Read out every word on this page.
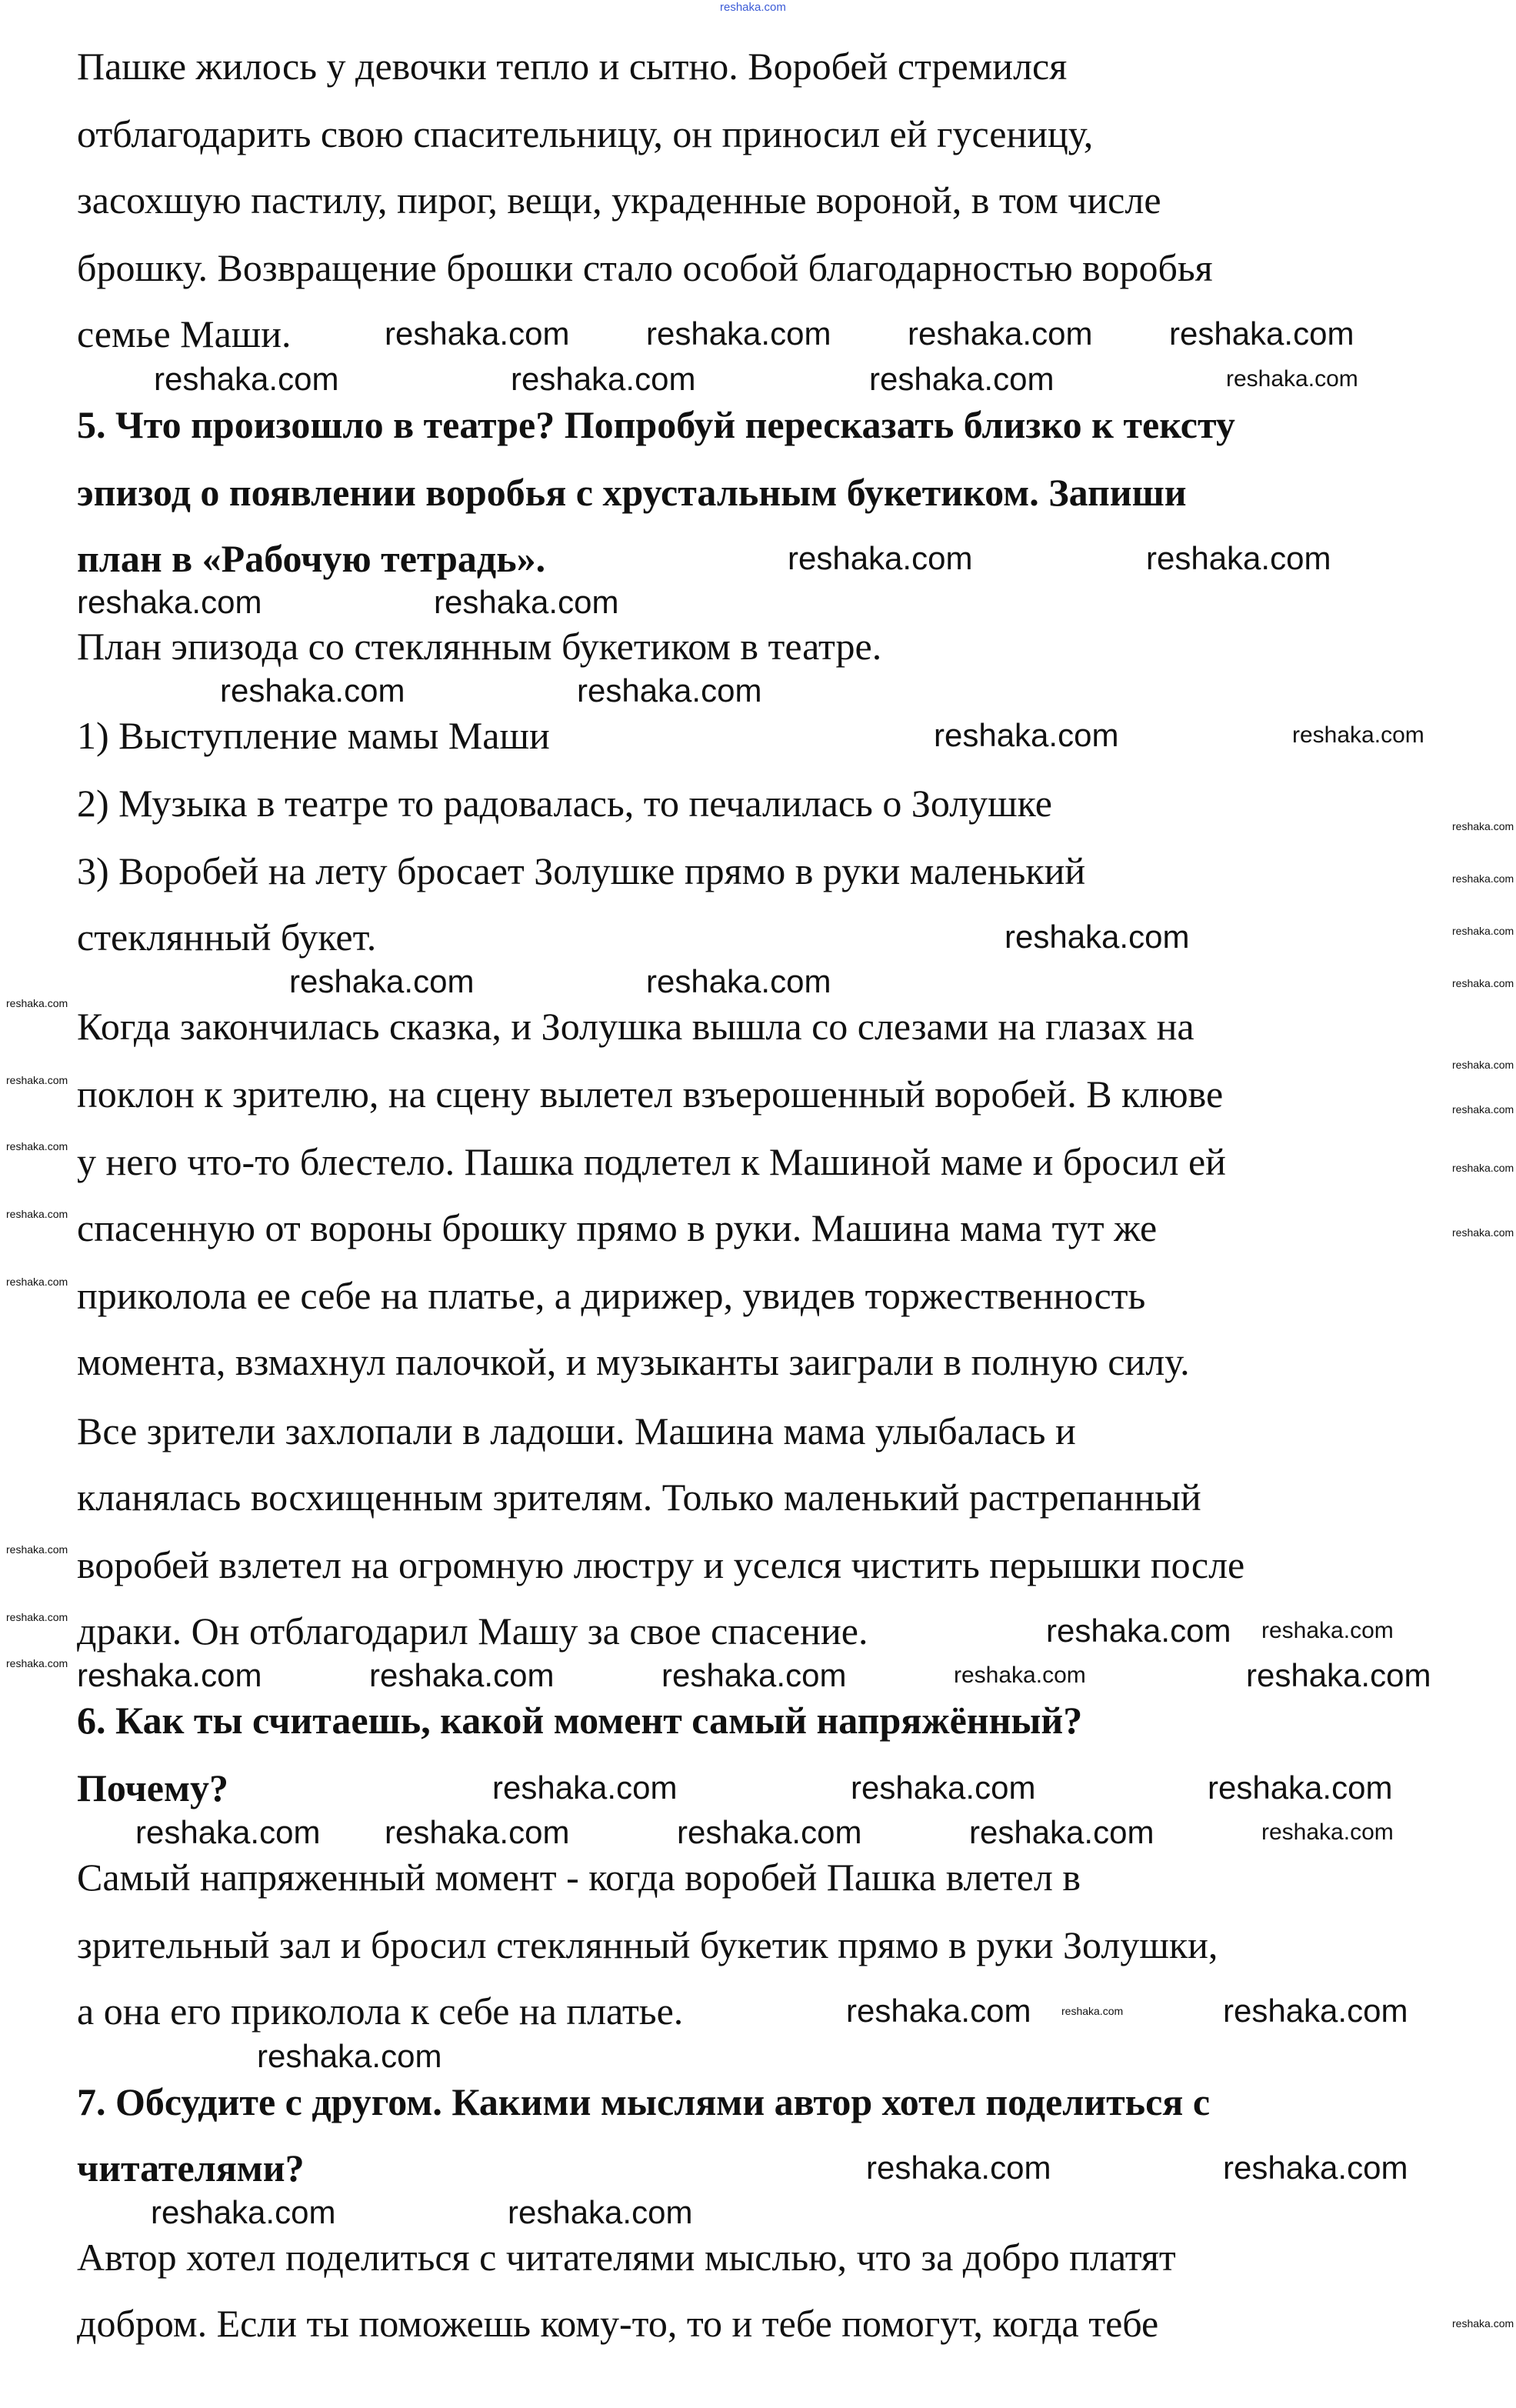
reshaka.com
Пашке жилось у девочки тепло и сытно. Воробей стремился
отблагодарить свою спасительницу, он приносил ей гусеницу,
засохшую пастилу, пирог, вещи, украденные вороной, в том числе
брошку. Возвращение брошки стало особой благодарностью воробья
семье Маши.
5. Что произошло в театре? Попробуй пересказать близко к тексту
эпизод о появлении воробья с хрустальным букетиком. Запиши
план в «Рабочую тетрадь».
План эпизода со стеклянным букетиком в театре.
1) Выступление мамы Маши
2) Музыка в театре то радовалась, то печалилась о Золушке
3) Воробей на лету бросает Золушке прямо в руки маленький
стеклянный букет.
Когда закончилась сказка, и Золушка вышла со слезами на глазах на
поклон к зрителю, на сцену вылетел взъерошенный воробей. В клюве
у него что-то блестело. Пашка подлетел к Машиной маме и бросил ей
спасенную от вороны брошку прямо в руки. Машина мама тут же
приколола ее себе на платье, а дирижер, увидев торжественность
момента, взмахнул палочкой, и музыканты заиграли в полную силу.
Все зрители захлопали в ладоши. Машина мама улыбалась и
кланялась восхищенным зрителям. Только маленький растрепанный
воробей взлетел на огромную люстру и уселся чистить перышки после
драки. Он отблагодарил Машу за свое спасение.
6. Как ты считаешь, какой момент самый напряжённый?
Почему?
Самый напряженный момент - когда воробей Пашка влетел в
зрительный зал и бросил стеклянный букетик прямо в руки Золушки,
а она его приколола к себе на платье.
7. Обсудите с другом. Какими мыслями автор хотел поделиться с
читателями?
Автор хотел поделиться с читателями мыслью, что за добро платят
добром. Если ты поможешь кому-то, то и тебе помогут, когда тебе
reshaka.com reshaka.com reshaka.com reshaka.com
reshaka.com	reshaka.com	reshaka.com	reshaka.com
reshaka.com	reshaka.com
reshaka.com	reshaka.com
reshaka.com	reshaka.com
reshaka.com	reshaka.com
reshaka.com
reshaka.com
reshaka.com
reshaka.com
reshaka.com
reshaka.com
reshaka.com	reshaka.com
reshaka.com
reshaka.com
reshaka.com
reshaka.com
reshaka.com
reshaka.com
reshaka.com
reshaka.com
reshaka.com
reshaka.com
reshaka.com
reshaka.com reshaka.com
reshaka.com	reshaka.com	reshaka.com	reshaka.com	reshaka.com
reshaka.com	reshaka.com	reshaka.com
reshaka.com reshaka.com	reshaka.com	reshaka.com	reshaka.com
reshaka.com	reshaka.com	reshaka.com
reshaka.com
reshaka.com	reshaka.com
reshaka.com	reshaka.com
reshaka.com
